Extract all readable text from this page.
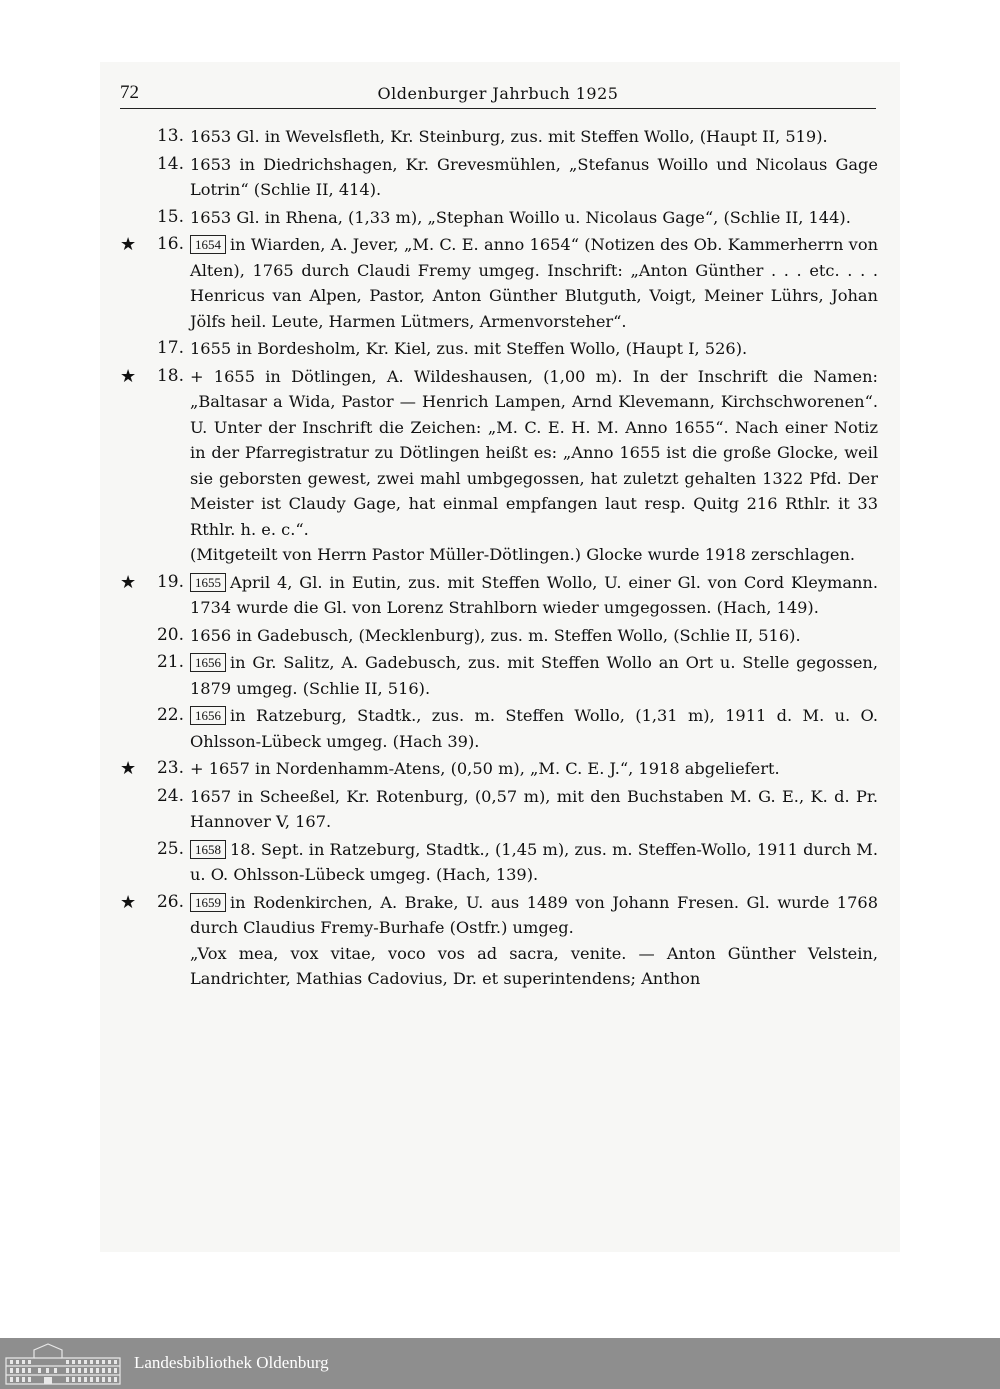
72	Oldenburger Jahrbuch 1925
13. 1653 Gl. in Wevelsfleth, Kr. Steinburg, zus. mit Steffen Wollo, (Haupt II, 519).
14. 1653 in Diedrichshagen, Kr. Grevesmühlen, „Stefanus Woillo und Nicolaus Gage Lotrin“ (Schlie II, 414).
15. 1653 Gl. in Rhena, (1,33 m), „Stephan Woillo u. Nicolaus Gage“, (Schlie II, 144).
★	16. 1654 in Wiarden, A. Jever, „M. C. E. anno 1654“ (Notizen des Ob. Kammerherrn von Alten), 1765 durch Claudi Fremy umgeg. Inschrift: „Anton Günther . . . etc. . . . Henricus van Alpen, Pastor, Anton Günther Blutguth, Voigt, Meiner Lührs, Johan Jölfs heil. Leute, Harmen Lütmers, Armenvorsteher“.
17. 1655 in Bordesholm, Kr. Kiel, zus. mit Steffen Wollo, (Haupt I, 526).
★	18. + 1655 in Dötlingen, A. Wildeshausen, (1,00 m). In der Inschrift die Namen: „Baltasar a Wida, Pastor — Henrich Lampen, Arnd Klevemann, Kirchschworenen“. U. Unter der Inschrift die Zeichen: „M. C. E. H. M. Anno 1655“. Nach einer Notiz in der Pfarregistratur zu Dötlingen heißt es: „Anno 1655 ist die große Glocke, weil sie geborsten gewest, zwei mahl umbgegossen, hat zuletzt gehalten 1322 Pfd. Der Meister ist Claudy Gage, hat einmal empfangen laut resp. Quitg 216 Rthlr. it 33 Rthlr. h. e. c.“.
(Mitgeteilt von Herrn Pastor Müller-Dötlingen.) Glocke wurde 1918 zerschlagen.
★	19. 1655 April 4, Gl. in Eutin, zus. mit Steffen Wollo, U. einer Gl. von Cord Kleymann. 1734 wurde die Gl. von Lorenz Strahlborn wieder umgegossen. (Hach, 149).
20. 1656 in Gadebusch, (Mecklenburg), zus. m. Steffen Wollo, (Schlie II, 516).
21. 1656 in Gr. Salitz, A. Gadebusch, zus. mit Steffen Wollo an Ort u. Stelle gegossen, 1879 umgeg. (Schlie II, 516).
22. 1656 in Ratzeburg, Stadtk., zus. m. Steffen Wollo, (1,31 m), 1911 d. M. u. O. Ohlsson-Lübeck umgeg. (Hach 39).
★	23. + 1657 in Nordenhamm-Atens, (0,50 m), „M. C. E. J.“, 1918 abgeliefert.
24. 1657 in Scheeßel, Kr. Rotenburg, (0,57 m), mit den Buchstaben M. G. E., K. d. Pr. Hannover V, 167.
25. 1658 18. Sept. in Ratzeburg, Stadtk., (1,45 m), zus. m. Steffen-Wollo, 1911 durch M. u. O. Ohlsson-Lübeck umgeg. (Hach, 139).
★	26. 1659 in Rodenkirchen, A. Brake, U. aus 1489 von Johann Fresen. Gl. wurde 1768 durch Claudius Fremy-Burhafe (Ostfr.) umgeg.
„Vox mea, vox vitae, voco vos ad sacra, venite. — Anton Günther Velstein, Landrichter, Mathias Cadovius, Dr. et superintendens; Anthon
Landesbibliothek Oldenburg
